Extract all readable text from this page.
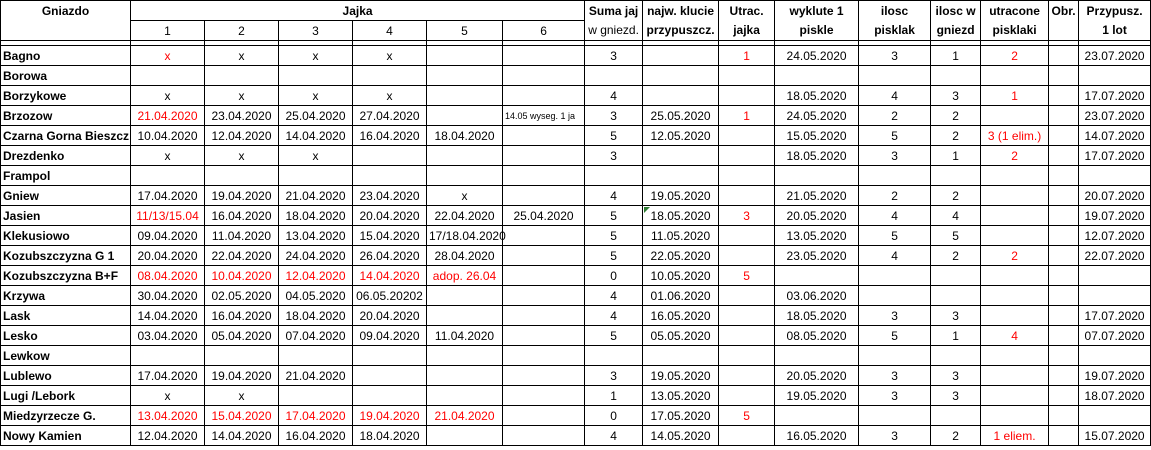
Gniazdo	Jajka						Suma jaj	najw. klucie	Utrac.	wyklute 1	ilosc	ilosc w	utracone	Obr.	Przypusz.
	1	2	3	4	5	6	w gniezd.	przypuszcz.	jajka	piskle	pisklak	gniezd	pisklaki		1 lot

Bagno	x	x	x	x			3		1	24.05.2020	3	1	2		23.07.2020
Borowa															
Borzykowe	x	x	x	x			4			18.05.2020	4	3	1		17.07.2020
Brzozow	21.04.2020	23.04.2020	25.04.2020	27.04.2020		14.05 wyseg. 1 ja	3	25.05.2020	1	24.05.2020	2	2			23.07.2020
Czarna Gorna Bieszcz	10.04.2020	12.04.2020	14.04.2020	16.04.2020	18.04.2020		5	12.05.2020		15.05.2020	5	2	3 (1 elim.)		14.07.2020
Drezdenko	x	x	x				3			18.05.2020	3	1	2		17.07.2020
Frampol															
Gniew	17.04.2020	19.04.2020	21.04.2020	23.04.2020	x		4	19.05.2020		21.05.2020	2	2			20.07.2020
Jasien	11/13/15.04	16.04.2020	18.04.2020	20.04.2020	22.04.2020	25.04.2020	5	18.05.2020	3	20.05.2020	4	4			19.07.2020
Klekusiowo	09.04.2020	11.04.2020	13.04.2020	15.04.2020	17/18.04.2020		5	11.05.2020		13.05.2020	5	5			12.07.2020
Kozubszczyzna G 1	20.04.2020	22.04.2020	24.04.2020	26.04.2020	28.04.2020		5	22.05.2020		23.05.2020	4	2	2		22.07.2020
Kozubszczyzna B+F	08.04.2020	10.04.2020	12.04.2020	14.04.2020	adop. 26.04		0	10.05.2020	5						
Krzywa	30.04.2020	02.05.2020	04.05.2020	06.05.20202			4	01.06.2020		03.06.2020					
Lask	14.04.2020	16.04.2020	18.04.2020	20.04.2020			4	16.05.2020		18.05.2020	3	3			17.07.2020
Lesko	03.04.2020	05.04.2020	07.04.2020	09.04.2020	11.04.2020		5	05.05.2020		08.05.2020	5	1	4		07.07.2020
Lewkow															
Lublewo	17.04.2020	19.04.2020	21.04.2020				3	19.05.2020		20.05.2020	3	3			19.07.2020
Lugi /Lebork	x	x					1	13.05.2020		19.05.2020	3	3			18.07.2020
Miedzyrzecze G.	13.04.2020	15.04.2020	17.04.2020	19.04.2020	21.04.2020		0	17.05.2020	5						
Nowy Kamien	12.04.2020	14.04.2020	16.04.2020	18.04.2020			4	14.05.2020		16.05.2020	3	2	1 eliem.		15.07.2020
